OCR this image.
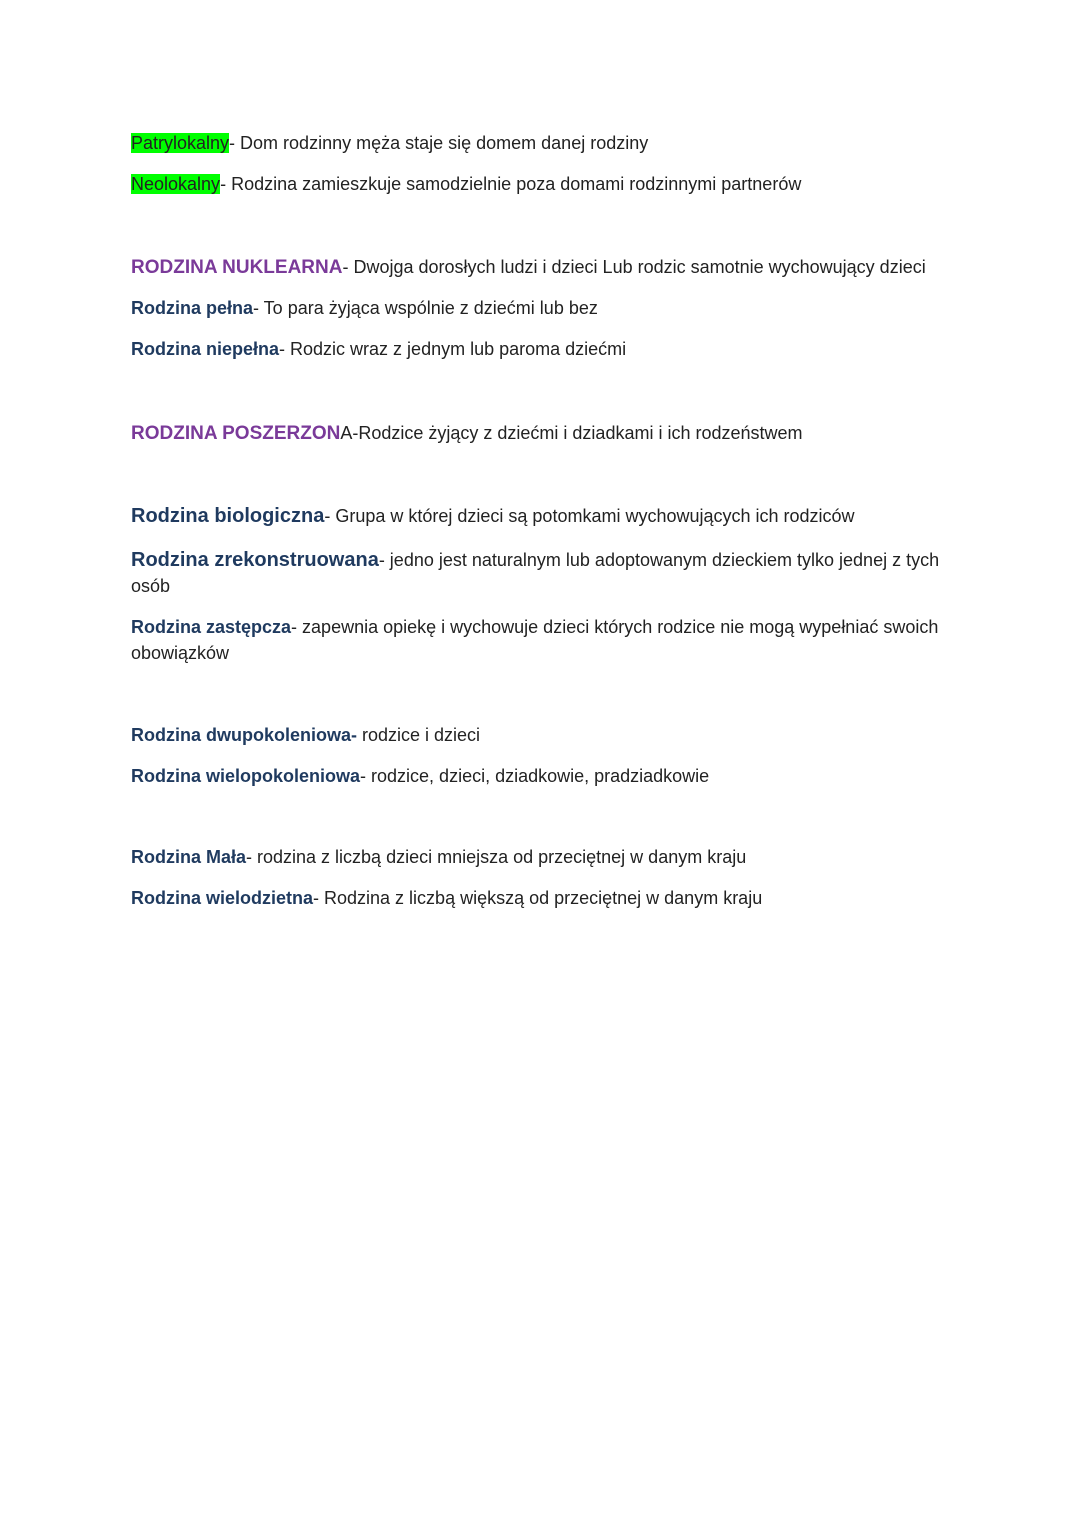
Patrylokalny- Dom rodzinny męża staje się domem danej rodziny
Neolokalny- Rodzina zamieszkuje samodzielnie poza domami rodzinnymi partnerów
RODZINA NUKLEARNA- Dwojga dorosłych ludzi i dzieci Lub rodzic samotnie wychowujący dzieci
Rodzina pełna- To para żyjąca wspólnie z dziećmi lub bez
Rodzina niepełna- Rodzic wraz z jednym lub paroma dziećmi
RODZINA POSZERZONA-Rodzice żyjący z dziećmi i dziadkami i ich rodzeństwem
Rodzina biologiczna- Grupa w której dzieci są potomkami wychowujących ich rodziców
Rodzina zrekonstruowana- jedno jest naturalnym lub adoptowanym dzieckiem tylko jednej z tych osób
Rodzina zastępcza- zapewnia opiekę i wychowuje dzieci których rodzice nie mogą wypełniać swoich obowiązków
Rodzina dwupokoleniowa- rodzice i dzieci
Rodzina wielopokoleniowa- rodzice, dzieci, dziadkowie, pradziadkowie
Rodzina Mała- rodzina z liczbą dzieci mniejsza od przeciętnej w danym kraju
Rodzina wielodzietna- Rodzina z liczbą większą od przeciętnej w danym kraju
